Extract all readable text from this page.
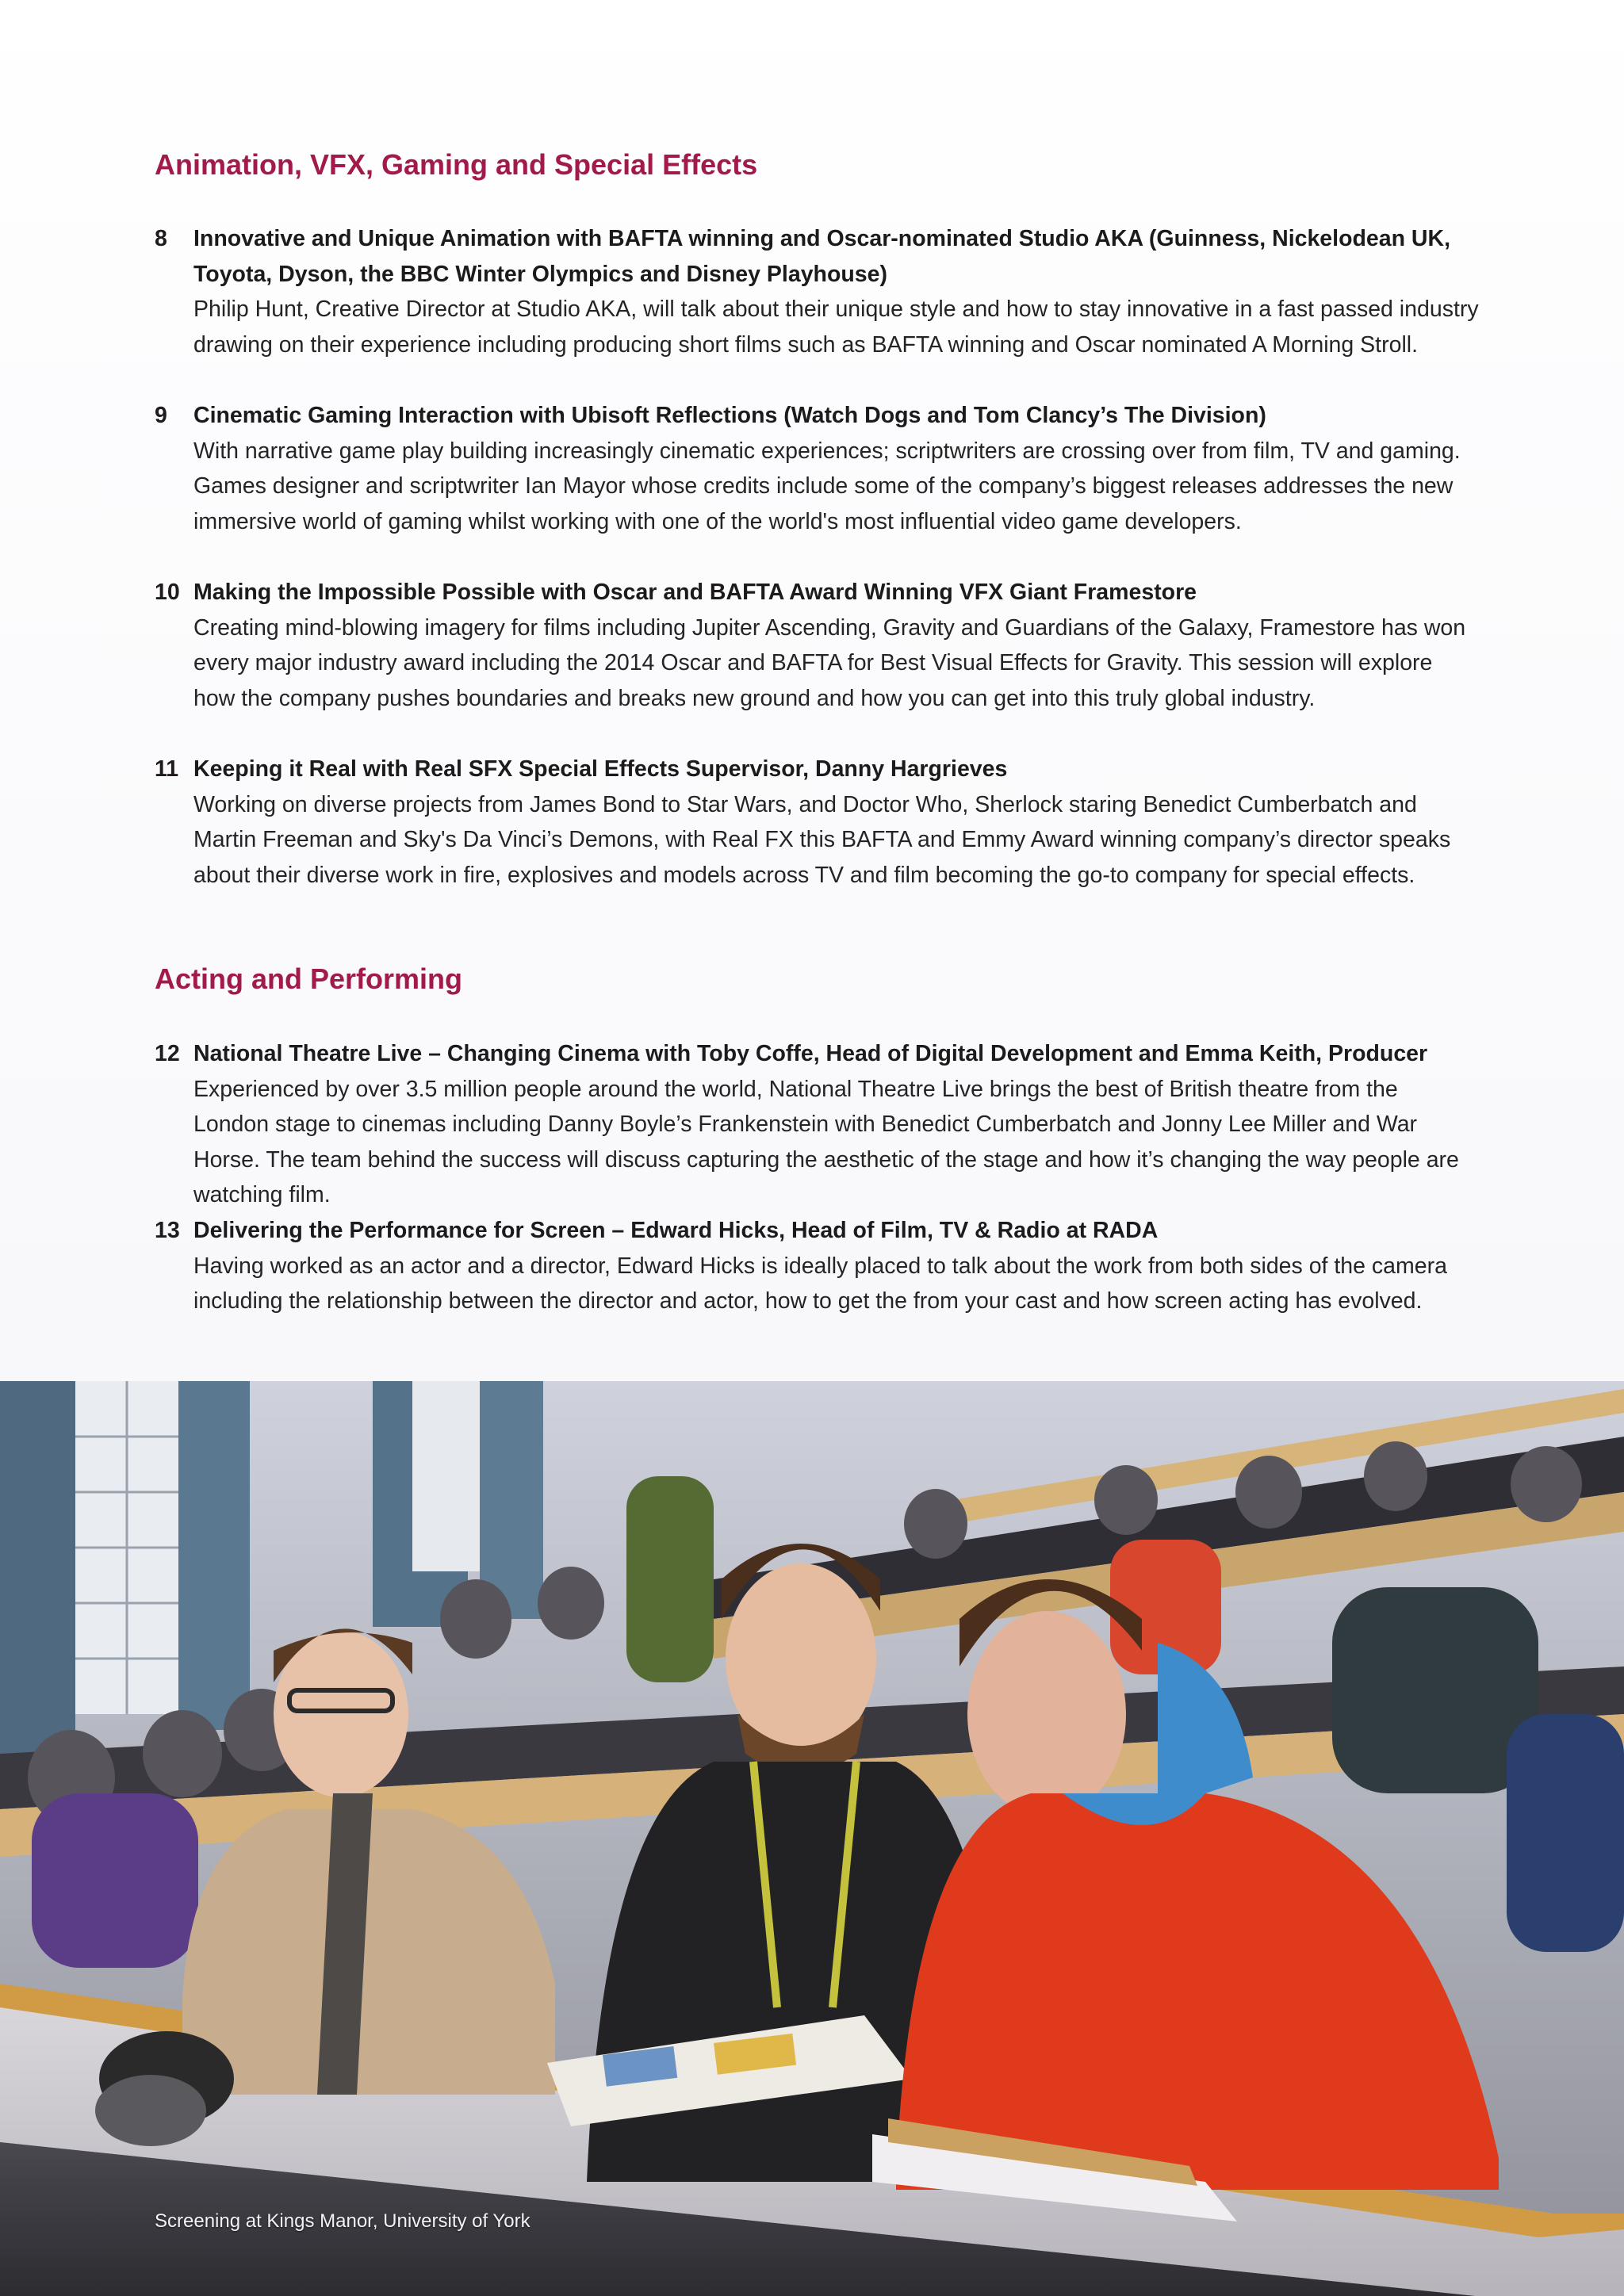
Animation, VFX, Gaming and Special Effects
8	Innovative and Unique Animation with BAFTA winning and Oscar-nominated Studio AKA (Guinness, Nickelodean UK, Toyota, Dyson, the BBC Winter Olympics and Disney Playhouse)

Philip Hunt, Creative Director at Studio AKA, will talk about their unique style and how to stay innovative in a fast passed industry drawing on their experience including producing short films such as BAFTA winning and Oscar nominated A Morning Stroll.

9	Cinematic Gaming Interaction with Ubisoft Reflections (Watch Dogs and Tom Clancy’s The Division)

With narrative game play building increasingly cinematic experiences; scriptwriters are crossing over from film, TV and gaming. Games designer and scriptwriter Ian Mayor whose credits include some of the company’s biggest releases addresses the new immersive world of gaming whilst working with one of the world's most influential video game developers.

10 Making the Impossible Possible with Oscar and BAFTA Award Winning VFX Giant Framestore

Creating mind-blowing imagery for films including Jupiter Ascending, Gravity and Guardians of the Galaxy, Framestore has won every major industry award including the 2014 Oscar and BAFTA for Best Visual Effects for Gravity. This session will explore how the company pushes boundaries and breaks new ground and how you can get into this truly global industry.

11 Keeping it Real with Real SFX Special Effects Supervisor, Danny Hargrieves

Working on diverse projects from James Bond to Star Wars, and Doctor Who, Sherlock staring Benedict Cumberbatch and Martin Freeman and Sky's Da Vinci’s Demons, with Real FX this BAFTA and Emmy Award winning company’s director speaks about their diverse work in fire, explosives and models across TV and film becoming the go-to company for special effects.

Acting and Performing
12 National Theatre Live – Changing Cinema with Toby Coffe, Head of Digital Development and Emma Keith, Producer

Experienced by over 3.5 million people around the world, National Theatre Live brings the best of British theatre from the London stage to cinemas including Danny Boyle’s Frankenstein with Benedict Cumberbatch and Jonny Lee Miller and War Horse. The team behind the success will discuss capturing the aesthetic of the stage and how it’s changing the way people are watching film.

13 Delivering the Performance for Screen – Edward Hicks, Head of Film, TV & Radio at RADA

Having worked as an actor and a director, Edward Hicks is ideally placed to talk about the work from both sides of the camera including the relationship between the director and actor, how to get the from your cast and how screen acting has evolved.

Screening at Kings Manor, University of York
